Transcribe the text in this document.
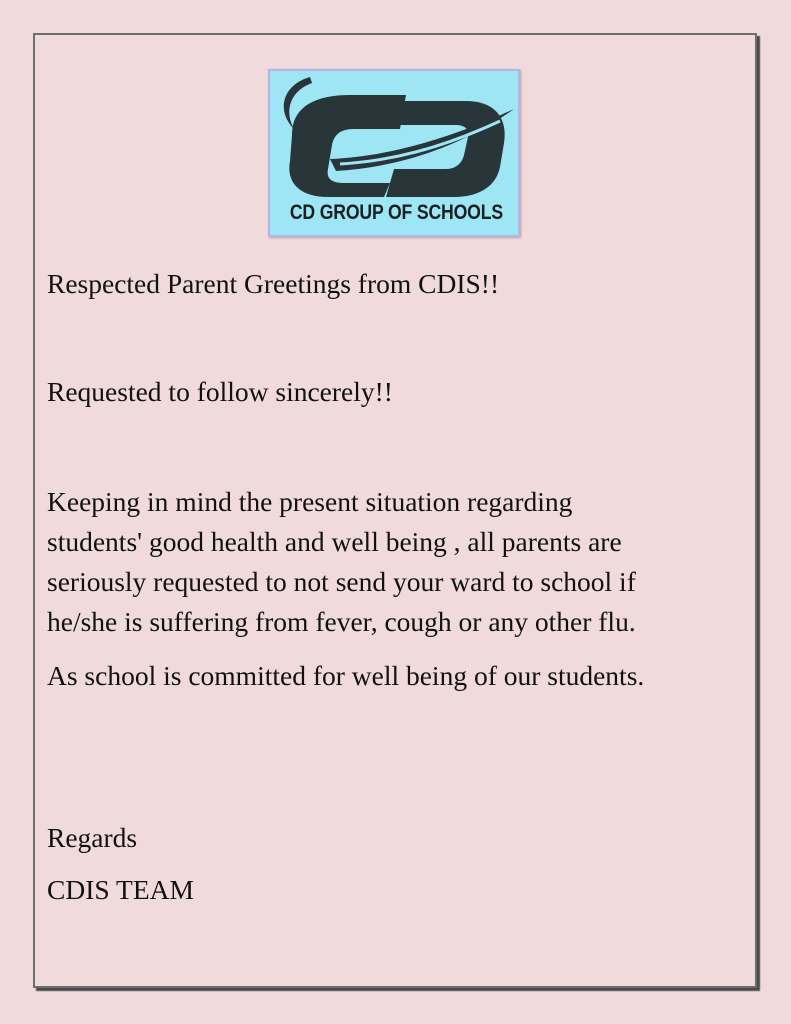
CD GROUP OF SCHOOLS

Respected Parent Greetings from CDIS!!

Requested to follow sincerely!!

Keeping in mind the present situation regarding
students' good health and well being , all parents are
seriously requested to not send your ward to school if
he/she is suffering from fever, cough or any other flu.

As school is committed for well being of our students.

Regards

CDIS TEAM
